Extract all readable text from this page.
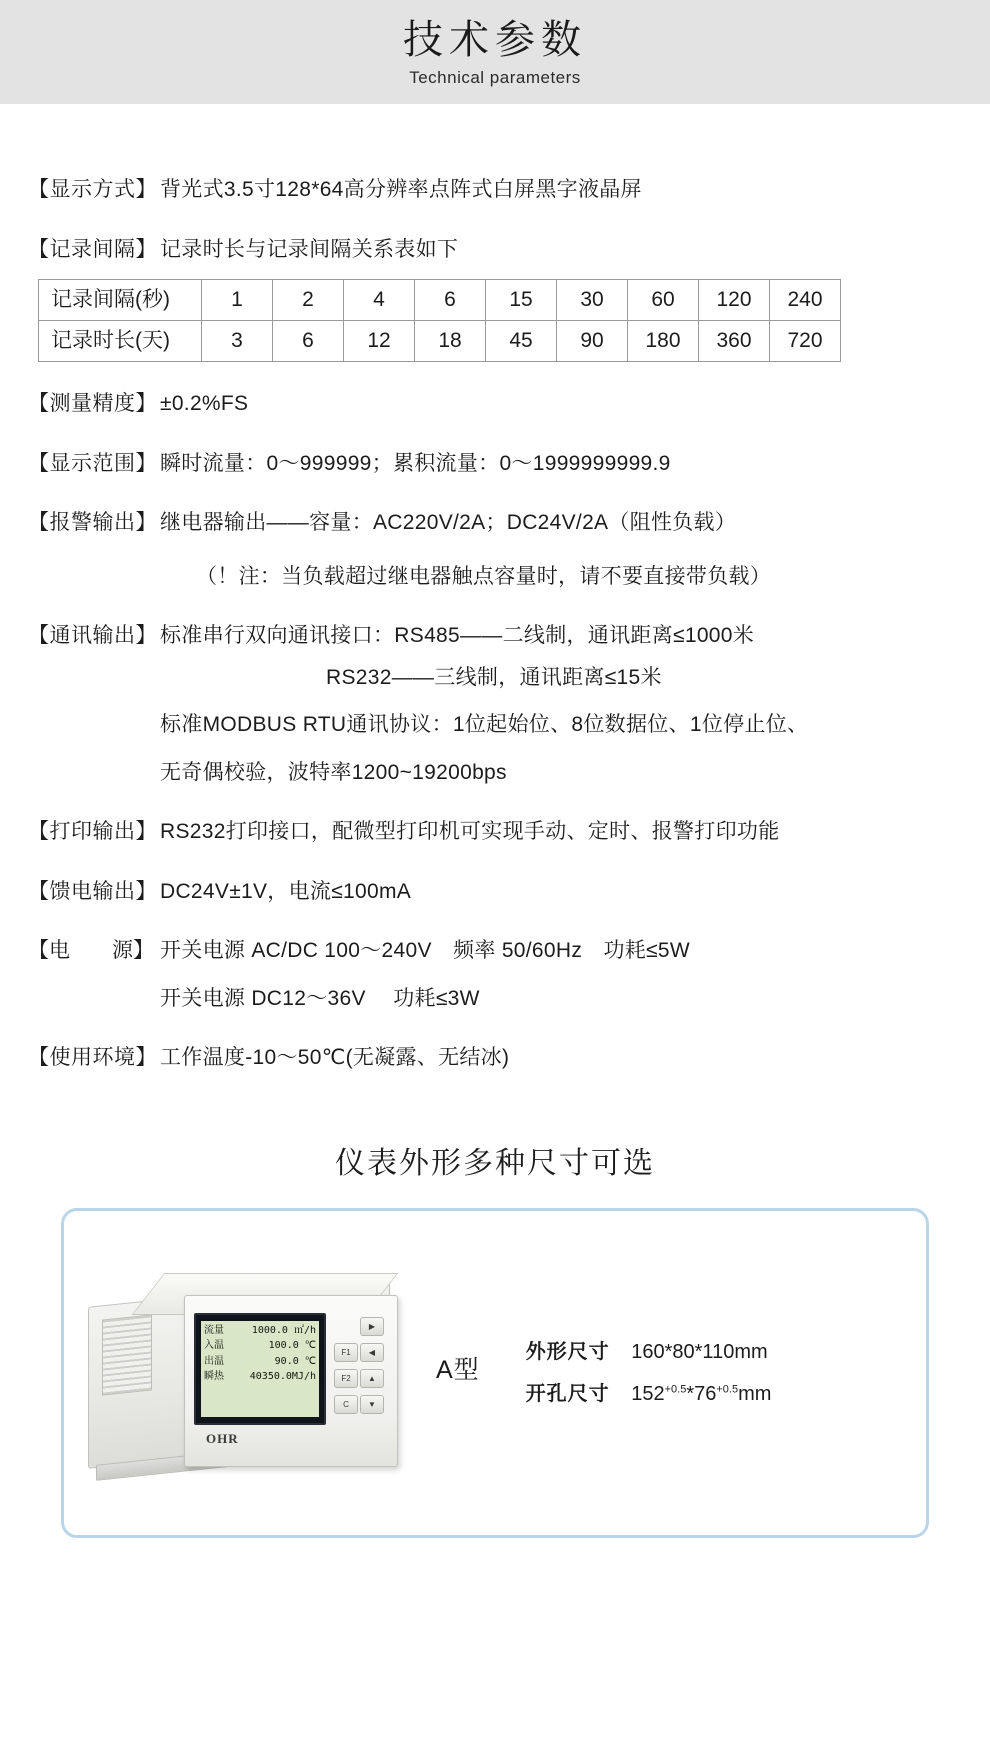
技术参数
Technical parameters
【显示方式】 背光式3.5寸128*64高分辨率点阵式白屏黑字液晶屏
【记录间隔】 记录时长与记录间隔关系表如下
记录间隔(秒)	1	2	4	6	15	30	60	120	240
记录时长(天)	3	6	12	18	45	90	180	360	720
【测量精度】 ±0.2%FS
【显示范围】 瞬时流量：0～999999；累积流量：0～1999999999.9
【报警输出】 继电器输出——容量：AC220V/2A；DC24V/2A（阻性负载）
（！注：当负载超过继电器触点容量时，请不要直接带负载）
【通讯输出】 标准串行双向通讯接口：RS485——二线制，通讯距离≤1000米
RS232——三线制，通讯距离≤15米
标准MODBUS RTU通讯协议：1位起始位、8位数据位、1位停止位、
无奇偶校验，波特率1200~19200bps
【打印输出】 RS232打印接口，配微型打印机可实现手动、定时、报警打印功能
【馈电输出】 DC24V±1V，电流≤100mA
【电　　源】 开关电源 AC/DC 100～240V　频率 50/60Hz　功耗≤5W
开关电源 DC12～36V　 功耗≤3W
【使用环境】 工作温度-10～50℃(无凝露、无结冰)
仪表外形多种尺寸可选
流量	1000.0 ㎡/h
入温	100.0 ℃
出温	90.0 ℃
瞬热	40350.0MJ/h
▶
F1	◀
F2	▲
C	▼
OHR
A型
外形尺寸 160*80*110mm
开孔尺寸 $152^{+0.5}*76^{+0.5}mm$
